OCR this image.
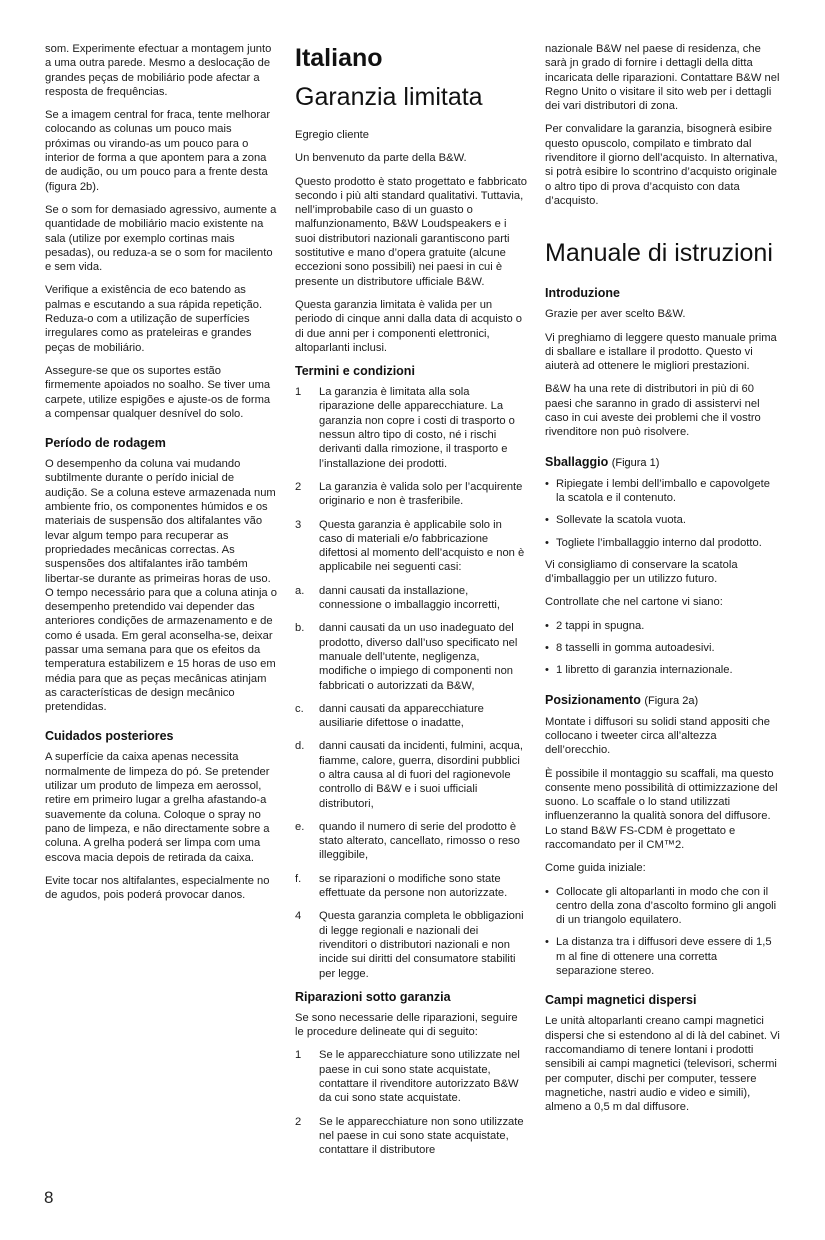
som. Experimente efectuar a montagem junto a uma outra parede. Mesmo a deslocação de grandes peças de mobiliário pode afectar a resposta de frequências.

Se a imagem central for fraca, tente melhorar colocando as colunas um pouco mais próximas ou virando-as um pouco para o interior de forma a que apontem para a zona de audição, ou um pouco para a frente desta (figura 2b).

Se o som for demasiado agressivo, aumente a quantidade de mobiliário macio existente na sala (utilize por exemplo cortinas mais pesadas), ou reduza-a se o som for macilento e sem vida.

Verifique a existência de eco batendo as palmas e escutando a sua rápida repetição. Reduza-o com a utilização de superfícies irregulares como as prateleiras e grandes peças de mobiliário.

Assegure-se que os suportes estão firmemente apoiados no soalho. Se tiver uma carpete, utilize espigões e ajuste-os de forma a compensar qualquer desnível do solo.

Período de rodagem

O desempenho da coluna vai mudando subtilmente durante o perído inicial de audição. Se a coluna esteve armazenada num ambiente frio, os componentes húmidos e os materiais de suspensão dos altifalantes vão levar algum tempo para recuperar as propriedades mecânicas correctas. As suspensões dos altifalantes irão também libertar-se durante as primeiras horas de uso. O tempo necessário para que a coluna atinja o desempenho pretendido vai depender das anteriores condições de armazenamento e de como é usada. Em geral aconselha-se, deixar passar uma semana para que os efeitos da temperatura estabilizem e 15 horas de uso em média para que as peças mecânicas atinjam as características de design mecânico pretendidas.

Cuidados posteriores

A superfície da caixa apenas necessita normalmente de limpeza do pó. Se pretender utilizar um produto de limpeza em aerossol, retire em primeiro lugar a grelha afastando-a suavemente da coluna. Coloque o spray no pano de limpeza, e não directamente sobre a coluna. A grelha poderá ser limpa com uma escova macia depois de retirada da caixa.

Evite tocar nos altifalantes, especialmente no de agudos, pois poderá provocar danos.

Italiano
Garanzia limitata

Egregio cliente

Un benvenuto da parte della B&W.

Questo prodotto è stato progettato e fabbricato secondo i più alti standard qualitativi. Tuttavia, nell’improbabile caso di un guasto o malfunzionamento, B&W Loudspeakers e i suoi distributori nazionali garantiscono parti sostitutive e mano d’opera gratuite (alcune eccezioni sono possibili) nei paesi in cui è presente un distributore ufficiale B&W.

Questa garanzia limitata è valida per un periodo di cinque anni dalla data di acquisto o di due anni per i componenti elettronici, altoparlanti inclusi.

Termini e condizioni
1	La garanzia è limitata alla sola riparazione delle apparecchiature. La garanzia non copre i costi di trasporto o nessun altro tipo di costo, né i rischi derivanti dalla rimozione, il trasporto e l’installazione dei prodotti.
2	La garanzia è valida solo per l’acquirente originario e non è trasferibile.
3	Questa garanzia è applicabile solo in caso di materiali e/o fabbricazione difettosi al momento dell’acquisto e non è applicabile nei seguenti casi:
a.	danni causati da installazione, connessione o imballaggio incorretti,
b.	danni causati da un uso inadeguato del prodotto, diverso dall’uso specificato nel manuale dell’utente, negligenza, modifiche o impiego di componenti non fabbricati o autorizzati da B&W,
c.	danni causati da apparecchiature ausiliarie difettose o inadatte,
d.	danni causati da incidenti, fulmini, acqua, fiamme, calore, guerra, disordini pubblici o altra causa al di fuori del ragionevole controllo di B&W e i suoi ufficiali distributori,
e.	quando il numero di serie del prodotto è stato alterato, cancellato, rimosso o reso illeggibile,
f.	se riparazioni o modifiche sono state effettuate da persone non autorizzate.
4	Questa garanzia completa le obbligazioni di legge regionali e nazionali dei rivenditori o distributori nazionali e non incide sui diritti del consumatore stabiliti per legge.
Riparazioni sotto garanzia

Se sono necessarie delle riparazioni, seguire le procedure delineate qui di seguito:

1	Se le apparecchiature sono utilizzate nel paese in cui sono state acquistate, contattare il rivenditore autorizzato B&W da cui sono state acquistate.
2	Se le apparecchiature non sono utilizzate nel paese in cui sono state acquistate, contattare il distributore

nazionale B&W nel paese di residenza, che sarà jn grado di fornire i dettagli della ditta incaricata delle riparazioni. Contattare B&W nel Regno Unito o visitare il sito web per i dettagli dei vari distributori di zona.

Per convalidare la garanzia, bisognerà esibire questo opuscolo, compilato e timbrato dal rivenditore il giorno dell’acquisto. In alternativa, si potrà esibire lo scontrino d’acquisto originale o altro tipo di prova d’acquisto con data d’acquisto.

Manuale di istruzioni
Introduzione

Grazie per aver scelto B&W.

Vi preghiamo di leggere questo manuale prima di sballare e istallare il prodotto. Questo vi aiuterà ad ottenere le migliori prestazioni.

B&W ha una rete di distributori in più di 60 paesi che saranno in grado di assistervi nel caso in cui aveste dei problemi che il vostro rivenditore non può risolvere.

Sballaggio (Figura 1)
• Ripiegate i lembi dell’imballo e capovolgete la scatola e il contenuto.
• Sollevate la scatola vuota.
• Togliete l’imballaggio interno dal prodotto.

Vi consigliamo di conservare la scatola d’imballaggio per un utilizzo futuro.

Controllate che nel cartone vi siano:

• 2 tappi in spugna.
• 8 tasselli in gomma autoadesivi.
• 1 libretto di garanzia internazionale.
Posizionamento (Figura 2a)

Montate i diffusori su solidi stand appositi che collocano i tweeter circa all’altezza dell’orecchio.

È possibile il montaggio su scaffali, ma questo consente meno possibilità di ottimizzazione del suono. Lo scaffale o lo stand utilizzati influenzeranno la qualità sonora del diffusore. Lo stand B&W FS-CDM è progettato e raccomandato per il CM™2.

Come guida iniziale:

• Collocate gli altoparlanti in modo che con il centro della zona d’ascolto formino gli angoli di un triangolo equilatero.
• La distanza tra i diffusori deve essere di 1,5 m al fine di ottenere una corretta separazione stereo.
Campi magnetici dispersi

Le unità altoparlanti creano campi magnetici dispersi che si estendono al di là del cabinet. Vi raccomandiamo di tenere lontani i prodotti sensibili ai campi magnetici (televisori, schermi per computer, dischi per computer, tessere magnetiche, nastri audio e video e simili), almeno a 0,5 m dal diffusore.

8
